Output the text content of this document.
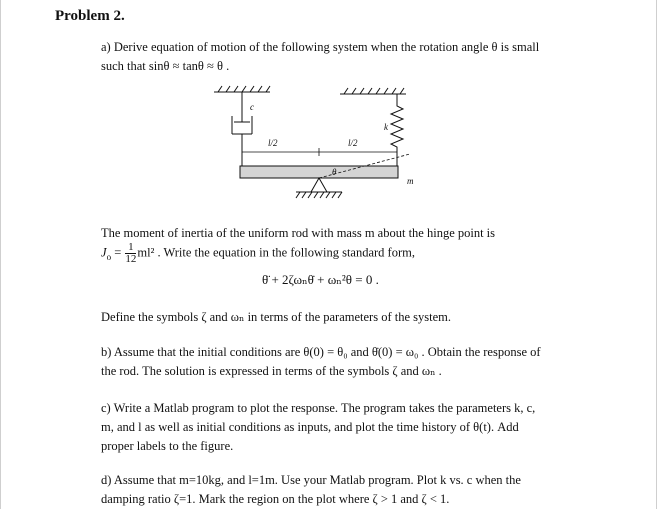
Problem 2.
a) Derive equation of motion of the following system when the rotation angle θ is small
such that sinθ ≈ tanθ ≈ θ .
c
k
l/2	l/2
θ
m
The moment of inertia of the uniform rod with mass m about the hinge point is
$J_o = \frac{1}{12} ml^2$ . Write the equation in the following standard form,
θ̈ + 2ζωₙθ̇ + ωₙ²θ = 0 .
Define the symbols ζ and ωₙ in terms of the parameters of the system.
b) Assume that the initial conditions are θ(0) = θ₀ and θ̇(0) = ω₀ . Obtain the response of
the rod. The solution is expressed in terms of the symbols ζ and ωₙ .
c) Write a Matlab program to plot the response. The program takes the parameters k, c,
m, and l as well as initial conditions as inputs, and plot the time history of θ(t). Add
proper labels to the figure.
d) Assume that m=10kg, and l=1m. Use your Matlab program. Plot k vs. c when the
damping ratio ζ=1. Mark the region on the plot where ζ > 1 and ζ < 1.
